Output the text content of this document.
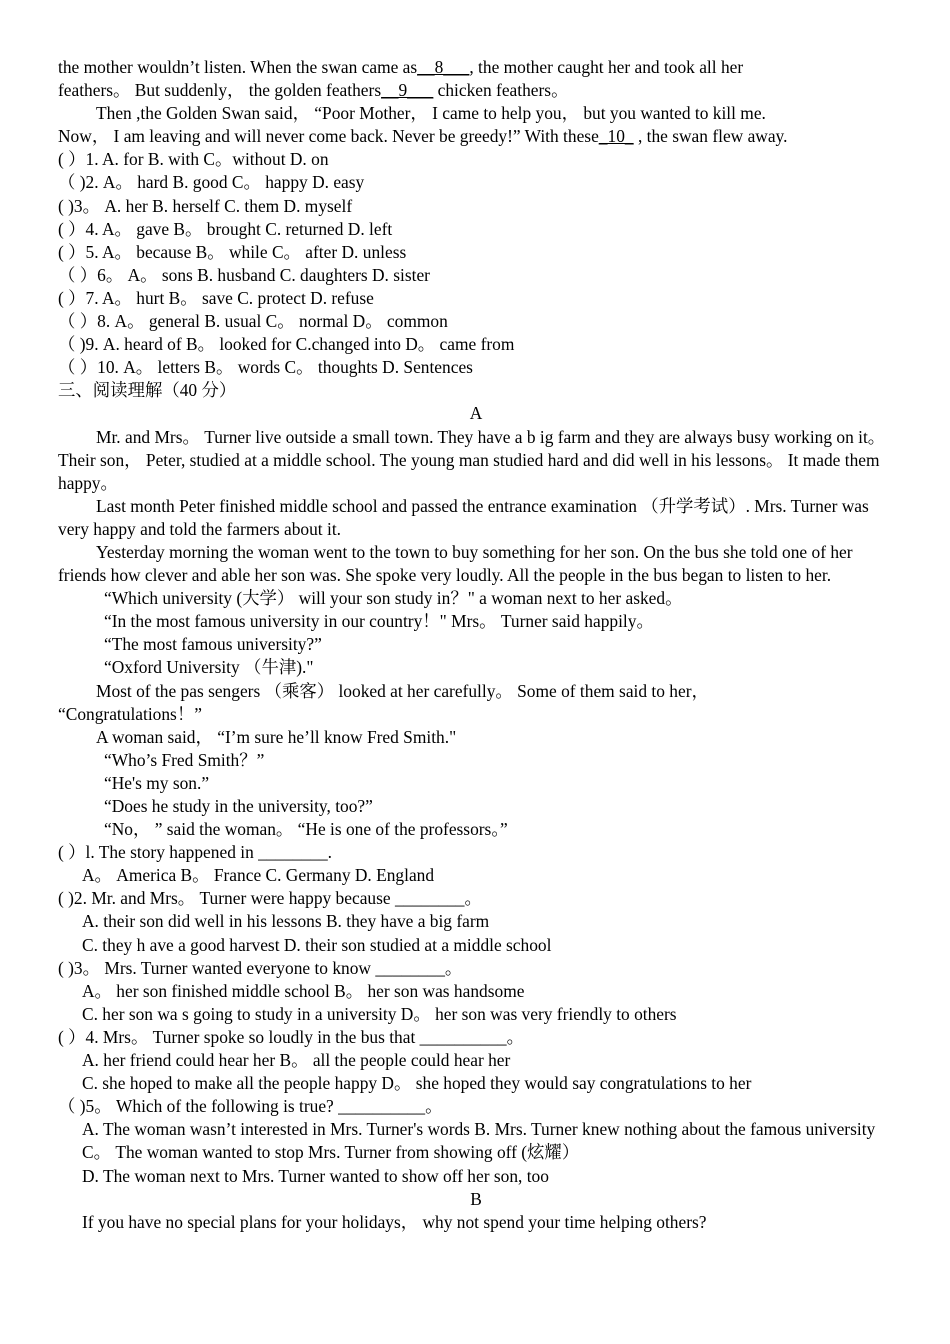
the mother wouldn’t listen. When the swan came as__8___, the mother caught her and took all her
feathers。 But suddenly， the golden feathers__9___ chicken feathers。
Then ,the Golden Swan said， “Poor Mother， I came to help you， but you wanted to kill me.
Now， I am leaving and will never come back. Never be greedy!” With these_10_ , the swan flew away.
( ）1. A. for B. with C。without D. on
（ )2. A。 hard B. good C。 happy D. easy
( )3。 A. her B. herself C. them D. myself
( ）4. A。 gave B。 brought C. returned D. left
( ）5. A。 because B。 while C。 after D. unless
（ ）6。 A。 sons B. husband C. daughters D. sister
( ）7. A。 hurt B。 save C. protect D. refuse
（ ）8. A。 general B. usual C。 normal D。 common
（ )9. A. heard of B。 looked for C.changed into D。 came from
（ ）10. A。 letters B。 words C。 thoughts D. Sentences
三、阅读理解（40 分）
A
Mr. and Mrs。 Turner live outside a small town. They have a b ig farm and they are always busy working on it。 Their son， Peter, studied at a middle school. The young man studied hard and did well in his lessons。 It made them happy。
Last month Peter finished middle school and passed the entrance examination （升学考试）. Mrs. Turner was very happy and told the farmers about it.
Yesterday morning the woman went to the town to buy something for her son. On the bus she told one of her friends how clever and able her son was. She spoke very loudly. All the people in the bus began to listen to her.
“Which university (大学） will your son study in？" a woman next to her asked。
“In the most famous university in our country！" Mrs。 Turner said happily。
“The most famous university?”
“Oxford University （牛津)."
Most of the pas sengers （乘客） looked at her carefully。 Some of them said to her，
“Congratulations！”
A woman said， “I’m sure he’ll know Fred Smith."
“Who’s Fred Smith？”
“He's my son.”
“Does he study in the university, too?”
“No， ” said the woman。 “He is one of the professors。”
( ）l. The story happened in ________.
A。 America B。 France C. Germany D. England
( )2. Mr. and Mrs。 Turner were happy because ________。
A. their son did well in his lessons B. they have a big farm
C. they h ave a good harvest D. their son studied at a middle school
( )3。 Mrs. Turner wanted everyone to know ________。
A。 her son finished middle school B。 her son was handsome
C. her son wa s going to study in a university D。 her son was very friendly to others
( ）4. Mrs。 Turner spoke so loudly in the bus that __________。
A. her friend could hear her B。 all the people could hear her
C. she hoped to make all the people happy D。 she hoped they would say congratulations to her
（ )5。 Which of the following is true? __________。
A. The woman wasn’t interested in Mrs. Turner's words B. Mrs. Turner knew nothing about the famous university
C。 The woman wanted to stop Mrs. Turner from showing off (炫耀）
D. The woman next to Mrs. Turner wanted to show off her son, too
B
If you have no special plans for your holidays， why not spend your time helping others?
